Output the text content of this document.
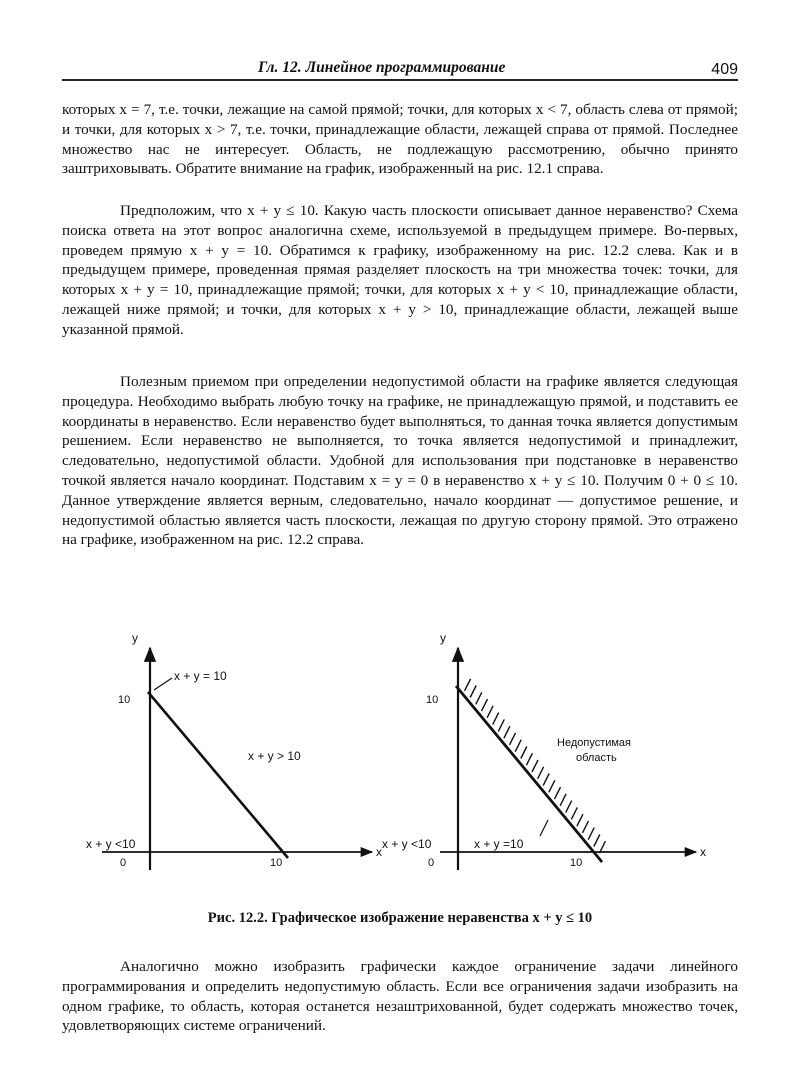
Гл. 12. Линейное программирование	409

которых x = 7, т.е. точки, лежащие на самой прямой; точки, для которых x < 7, область слева от прямой; и точки, для которых x > 7, т.е. точки, принадлежащие области, лежащей справа от прямой. Последнее множество нас не интересует. Область, не подлежащую рассмотрению, обычно принято заштриховывать. Обратите внимание на график, изображенный на рис. 12.1 справа.

Предположим, что x + y ≤ 10. Какую часть плоскости описывает данное неравенство? Схема поиска ответа на этот вопрос аналогична схеме, используемой в предыдущем примере. Во-первых, проведем прямую x + y = 10. Обратимся к графику, изображенному на рис. 12.2 слева. Как и в предыдущем примере, проведенная прямая разделяет плоскость на три множества точек: точки, для которых x + y = 10, принадлежащие прямой; точки, для которых x + y < 10, принадлежащие области, лежащей ниже прямой; и точки, для которых x + y > 10, принадлежащие области, лежащей выше указанной прямой.

Полезным приемом при определении недопустимой области на графике является следующая процедура. Необходимо выбрать любую точку на графике, не принадлежащую прямой, и подставить ее координаты в неравенство. Если неравенство будет выполняться, то данная точка является допустимым решением. Если неравенство не выполняется, то точка является недопустимой и принадлежит, следовательно, недопустимой области. Удобной для использования при подстановке в неравенство точкой является начало координат. Подставим x = y = 0 в неравенство x + y ≤ 10. Получим 0 + 0 ≤ 10. Данное утверждение является верным, следовательно, начало координат — допустимое решение, и недопустимой областью является часть плоскости, лежащая по другую сторону прямой. Это отражено на графике, изображенном на рис. 12.2 справа.

y
x
0
10
10
x + y = 10
x + y > 10
x + y <10
y
x
0
10
10
x + y =10
x + y <10
Недопустимая
область
Рис. 12.2. Графическое изображение неравенства x + y ≤ 10

Аналогично можно изобразить графически каждое ограничение задачи линейного программирования и определить недопустимую область. Если все ограничения задачи изобразить на одном графике, то область, которая останется незаштрихованной, будет содержать множество точек, удовлетворяющих системе ограничений.
